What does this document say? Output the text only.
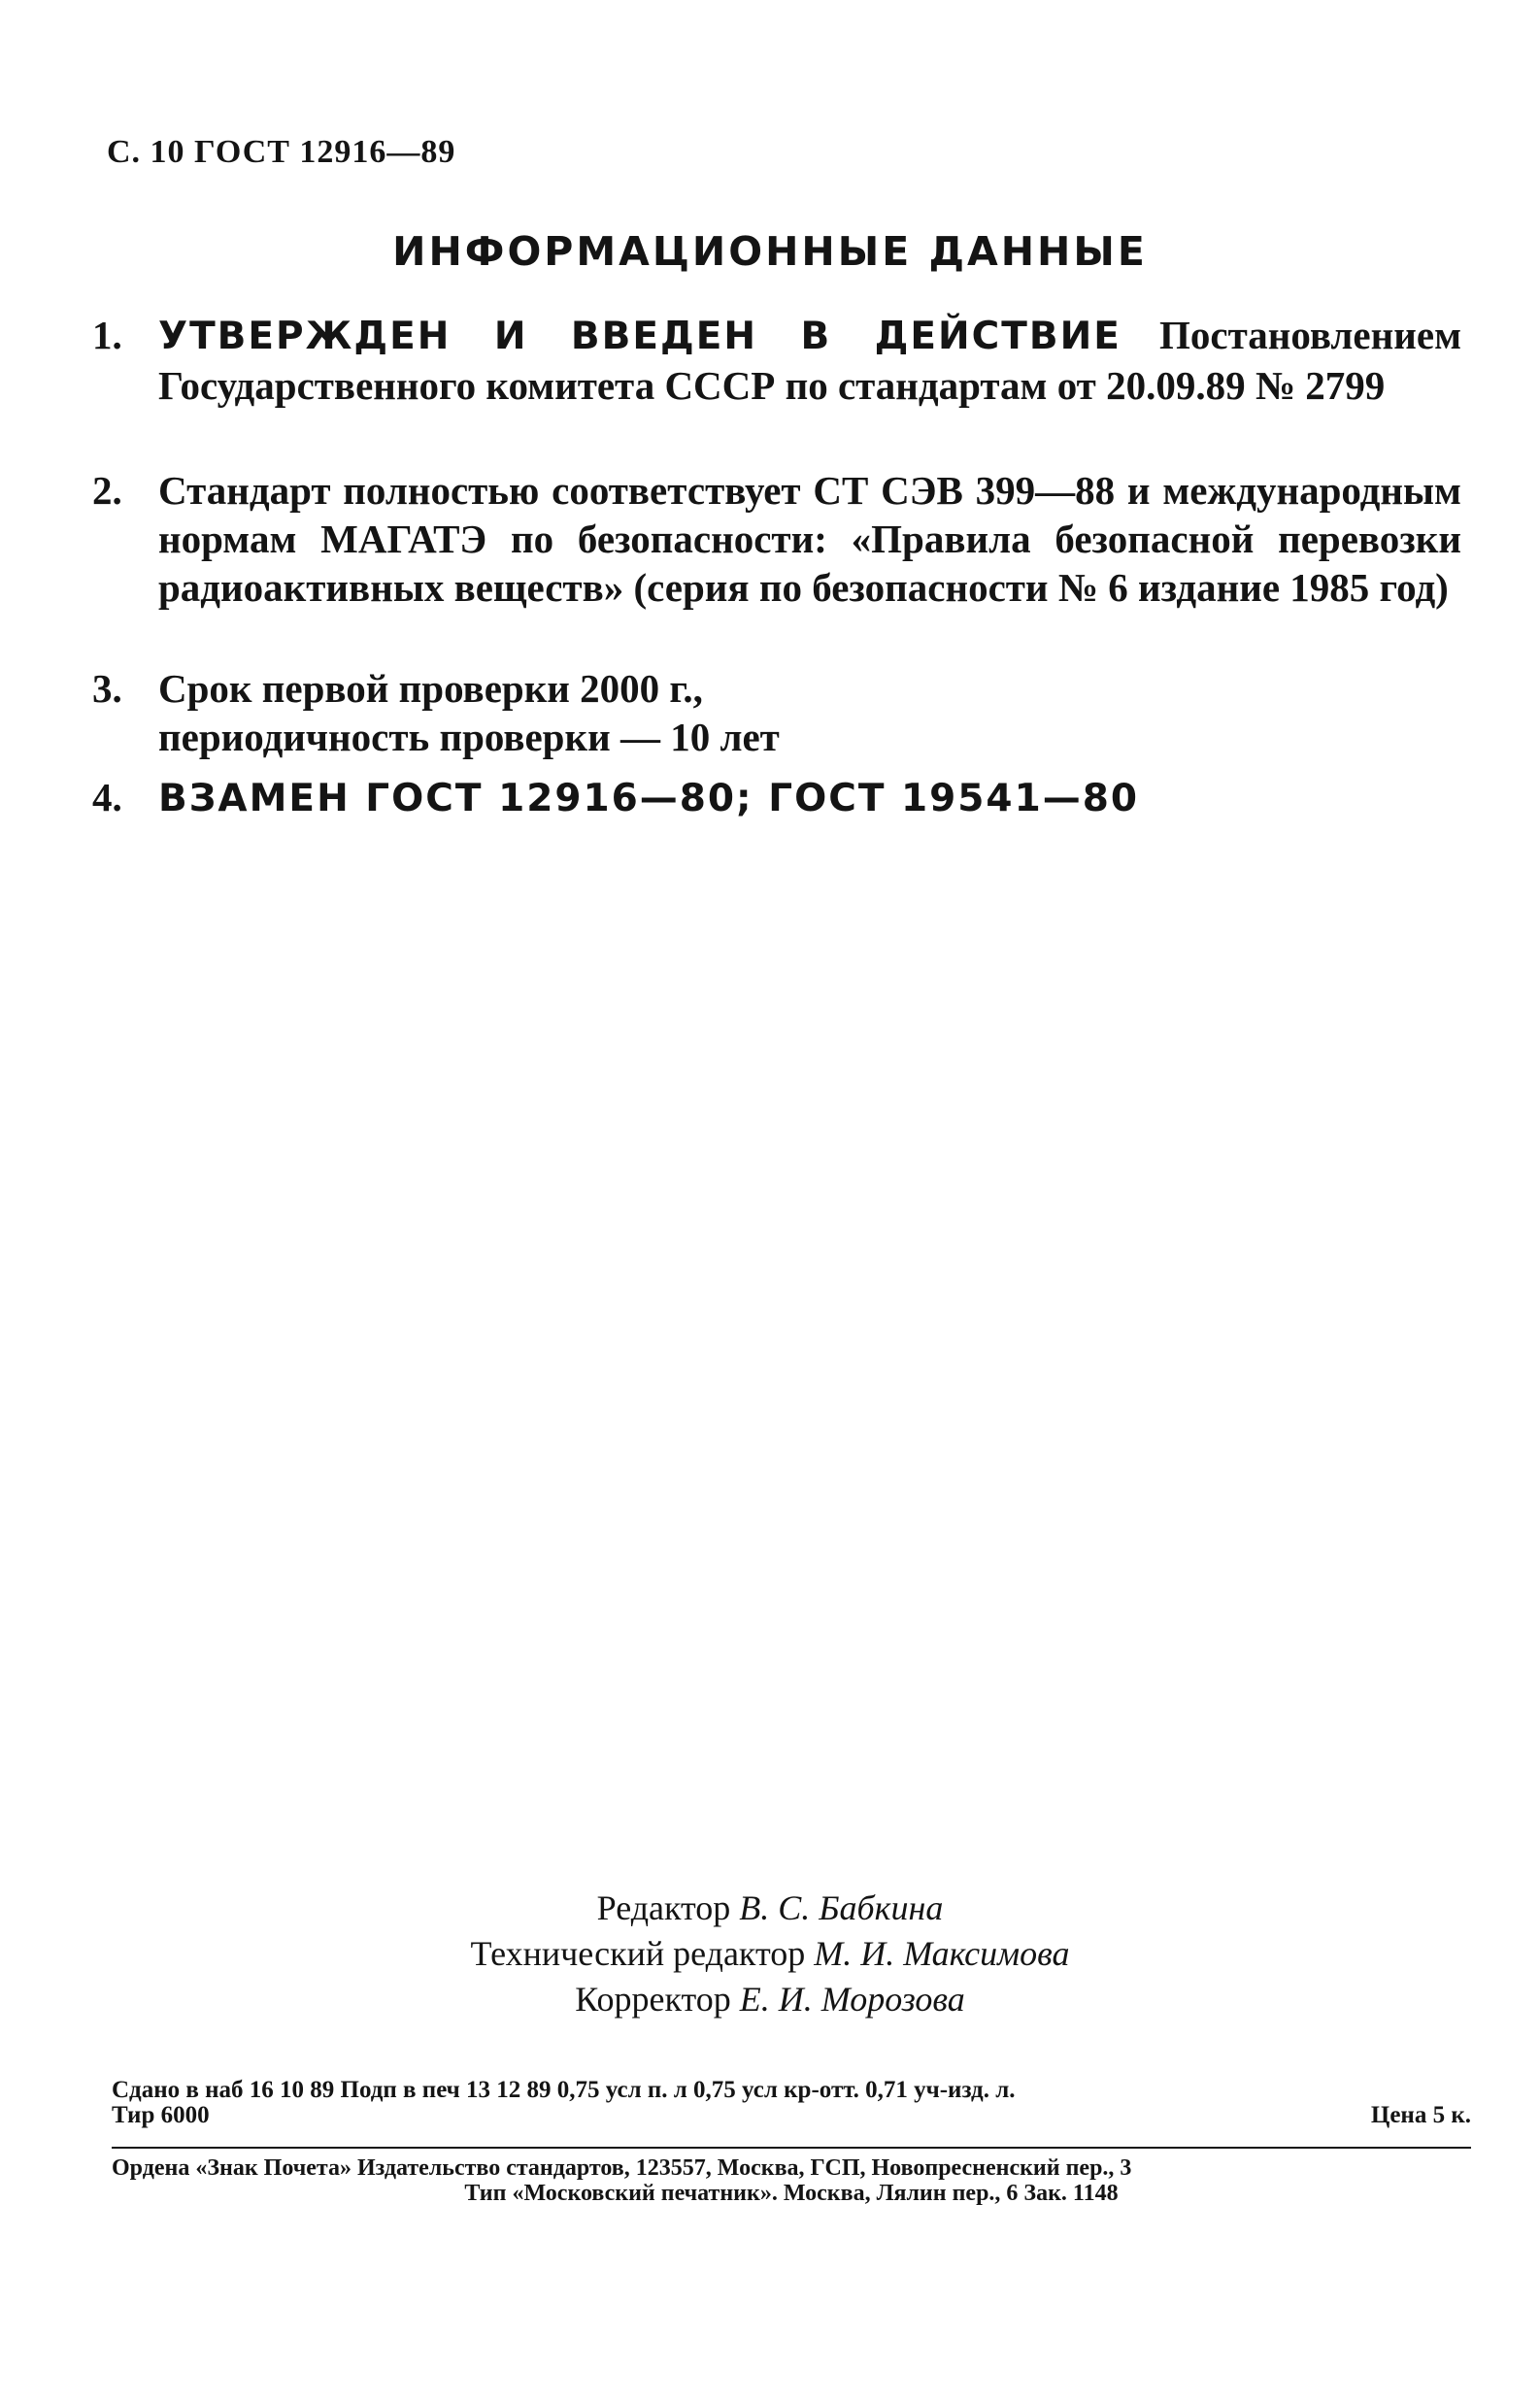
С. 10 ГОСТ 12916—89
ИНФОРМАЦИОННЫЕ ДАННЫЕ
1. УТВЕРЖДЕН И ВВЕДЕН В ДЕЙСТВИЕ Постановлением Государственного комитета СССР по стандартам от 20.09.89 № 2799
2. Стандарт полностью соответствует СТ СЭВ 399—88 и международным нормам МАГАТЭ по безопасности: «Правила безопасной перевозки радиоактивных веществ» (серия по безопасности № 6 издание 1985 год)
3. Срок первой проверки 2000 г.,
периодичность проверки — 10 лет
4. ВЗАМЕН ГОСТ 12916—80; ГОСТ 19541—80
Редактор В. С. Бабкина
Технический редактор М. И. Максимова
Корректор Е. И. Морозова
Сдано в наб 16 10 89 Подп в печ 13 12 89 0,75 усл п. л 0,75 усл кр-отт. 0,71 уч-изд. л.
Тир 6000	Цена 5 к.
Ордена «Знак Почета» Издательство стандартов, 123557, Москва, ГСП, Новопресненский пер., 3
Тип «Московский печатник». Москва, Лялин пер., 6 Зак. 1148
